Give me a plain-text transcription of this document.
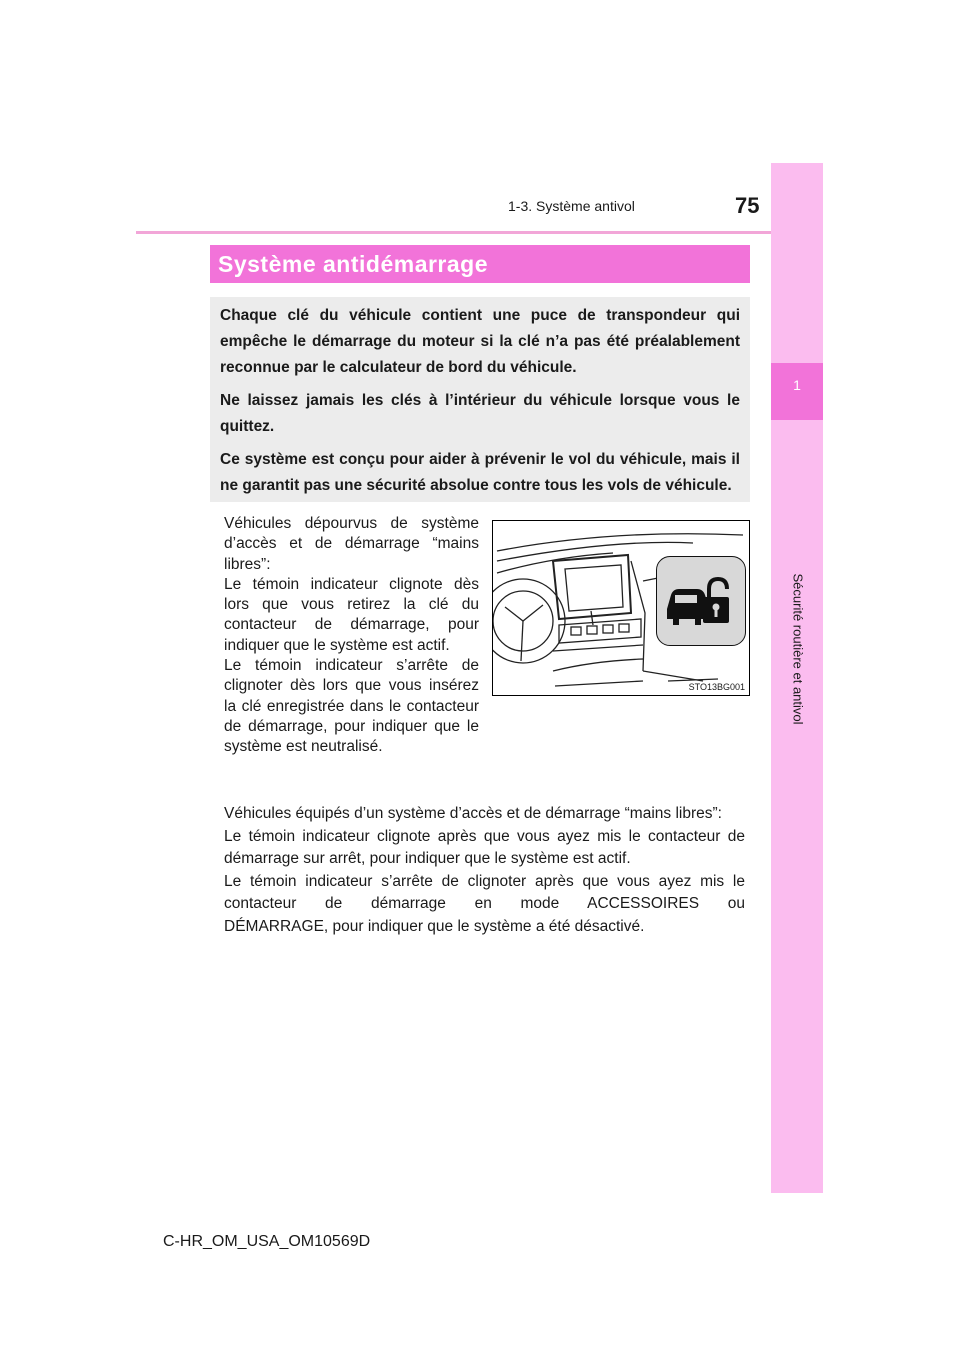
1-3. Système antivol	75
1
Système antidémarrage

Chaque clé du véhicule contient une puce de transpondeur qui empêche le démarrage du moteur si la clé n’a pas été préalablement reconnue par le calculateur de bord du véhicule.

Ne laissez jamais les clés à l’intérieur du véhicule lorsque vous le quittez.

Ce système est conçu pour aider à prévenir le vol du véhicule, mais il ne garantit pas une sécurité absolue contre tous les vols de véhicule.

Véhicules dépourvus de système d’accès et de démarrage “mains libres”:

Le témoin indicateur clignote dès lors que vous retirez la clé du contacteur de démarrage, pour indiquer que le système est actif.

Le témoin indicateur s’arrête de clignoter dès lors que vous insérez la clé enregistrée dans le contacteur de démarrage, pour indiquer que le système est neutralisé.

STO13BG001

Véhicules équipés d’un système d’accès et de démarrage “mains libres”:

Le témoin indicateur clignote après que vous ayez mis le contacteur de démarrage sur arrêt, pour indiquer que le système est actif.

Le témoin indicateur s’arrête de clignoter après que vous ayez mis le contacteur de démarrage en mode ACCESSOIRES ou

DÉMARRAGE, pour indiquer que le système a été désactivé.

C-HR_OM_USA_OM10569D
